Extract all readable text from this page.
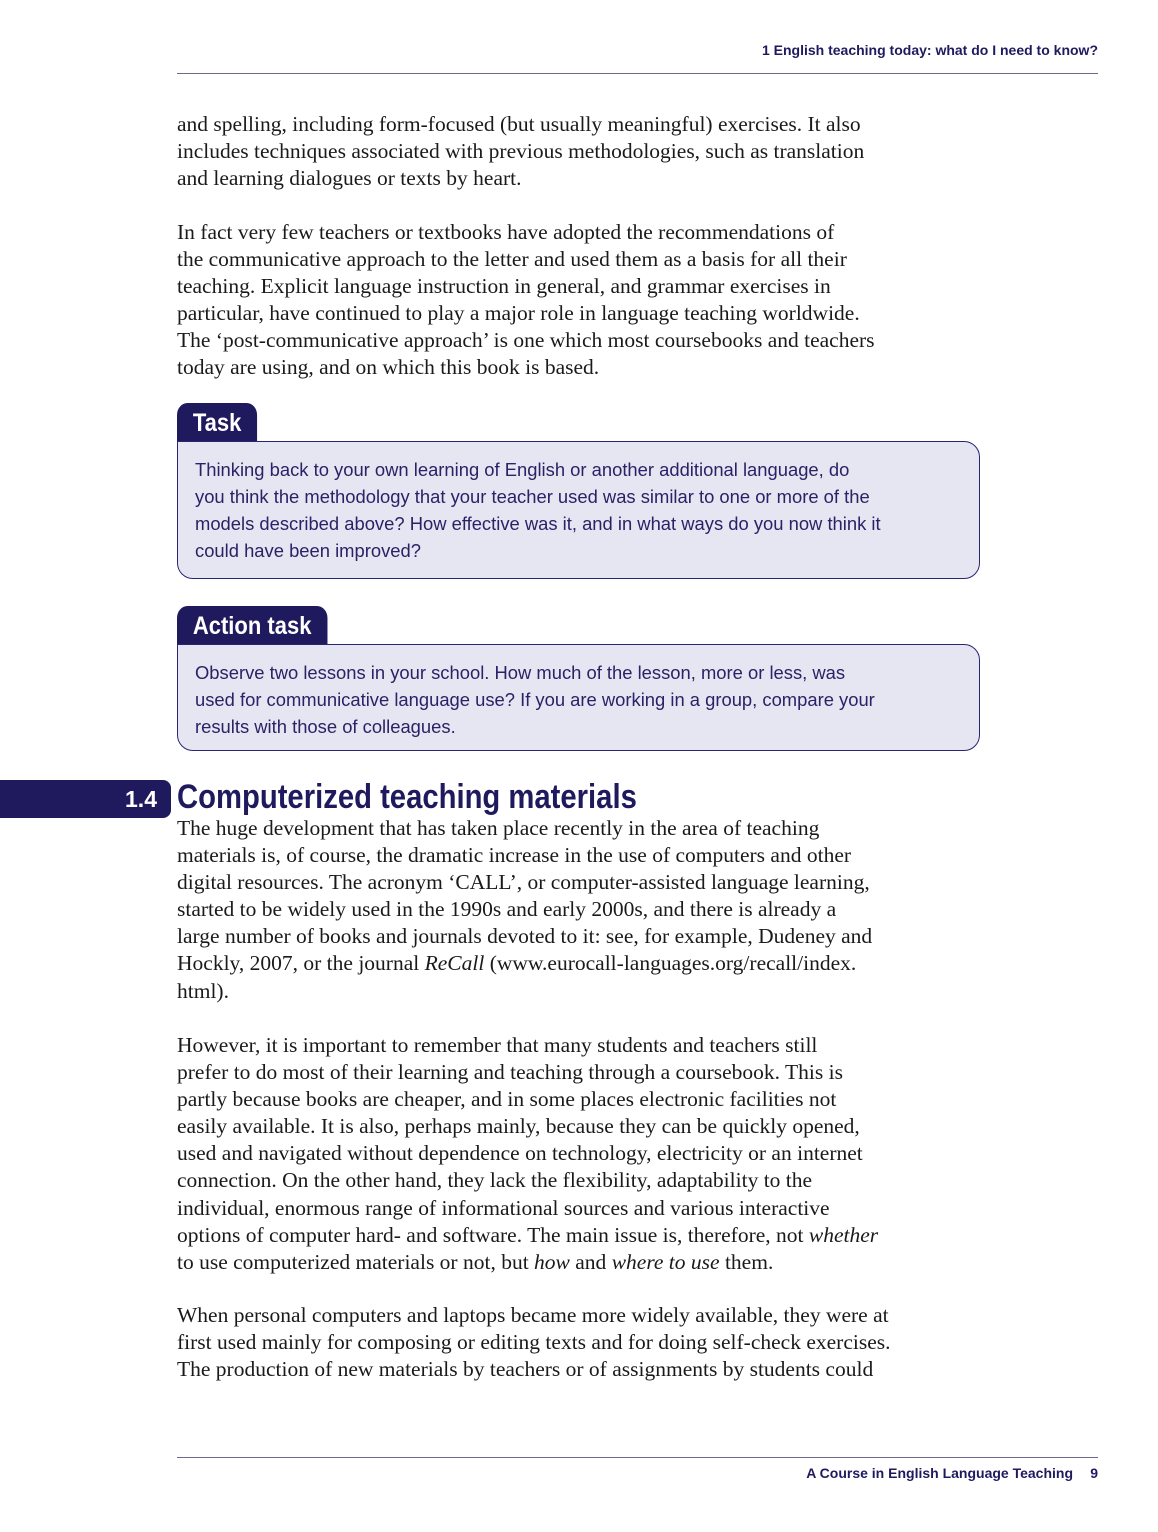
1 English teaching today: what do I need to know?

and spelling, including form-focused (but usually meaningful) exercises. It also
includes techniques associated with previous methodologies, such as translation
and learning dialogues or texts by heart.

In fact very few teachers or textbooks have adopted the recommendations of
the communicative approach to the letter and used them as a basis for all their
teaching. Explicit language instruction in general, and grammar exercises in
particular, have continued to play a major role in language teaching worldwide.
The ‘post-communicative approach’ is one which most coursebooks and teachers
today are using, and on which this book is based.

Task

Thinking back to your own learning of English or another additional language, do
you think the methodology that your teacher used was similar to one or more of the
models described above? How effective was it, and in what ways do you now think it
could have been improved?

Action task

Observe two lessons in your school. How much of the lesson, more or less, was
used for communicative language use? If you are working in a group, compare your
results with those of colleagues.

1.4 Computerized teaching materials

The huge development that has taken place recently in the area of teaching
materials is, of course, the dramatic increase in the use of computers and other
digital resources. The acronym ‘CALL’, or computer-assisted language learning,
started to be widely used in the 1990s and early 2000s, and there is already a
large number of books and journals devoted to it: see, for example, Dudeney and
Hockly, 2007, or the journal ReCall (www.eurocall-languages.org/recall/index.
html).

However, it is important to remember that many students and teachers still
prefer to do most of their learning and teaching through a coursebook. This is
partly because books are cheaper, and in some places electronic facilities not
easily available. It is also, perhaps mainly, because they can be quickly opened,
used and navigated without dependence on technology, electricity or an internet
connection. On the other hand, they lack the flexibility, adaptability to the
individual, enormous range of informational sources and various interactive
options of computer hard- and software. The main issue is, therefore, not whether
to use computerized materials or not, but how and where to use them.

When personal computers and laptops became more widely available, they were at
first used mainly for composing or editing texts and for doing self-check exercises.
The production of new materials by teachers or of assignments by students could

A Course in English Language Teaching 9
